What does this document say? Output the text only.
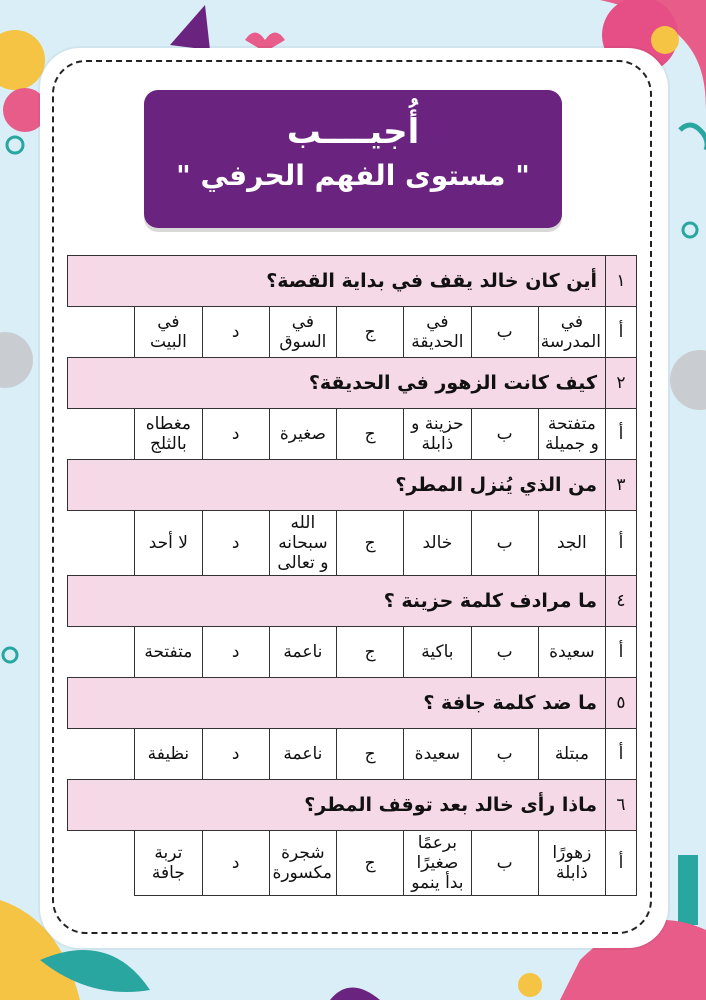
أُجيــــب
" مستوى الفهم الحرفي "
١	أين كان خالد يقف في بداية القصة؟						
أ	في المدرسة	ب	في الحديقة	ج	في السوق	د	في البيت
٢	كيف كانت الزهور في الحديقة؟						
أ	متفتحة و جميلة	ب	حزينة و ذابلة	ج	صغيرة	د	مغطاه بالثلج
٣	من الذي يُنزل المطر؟						
أ	الجد	ب	خالد	ج	الله سبحانه و تعالى	د	لا أحد
٤	ما مرادف كلمة حزينة ؟						
أ	سعيدة	ب	باكية	ج	ناعمة	د	متفتحة
٥	ما ضد كلمة جافة ؟						
أ	مبتلة	ب	سعيدة	ج	ناعمة	د	نظيفة
٦	ماذا رأى خالد بعد توقف المطر؟						
أ	زهورًا ذابلة	ب	برعمًا صغيرًا بدأ ينمو	ج	شجرة مكسورة	د	تربة جافة
